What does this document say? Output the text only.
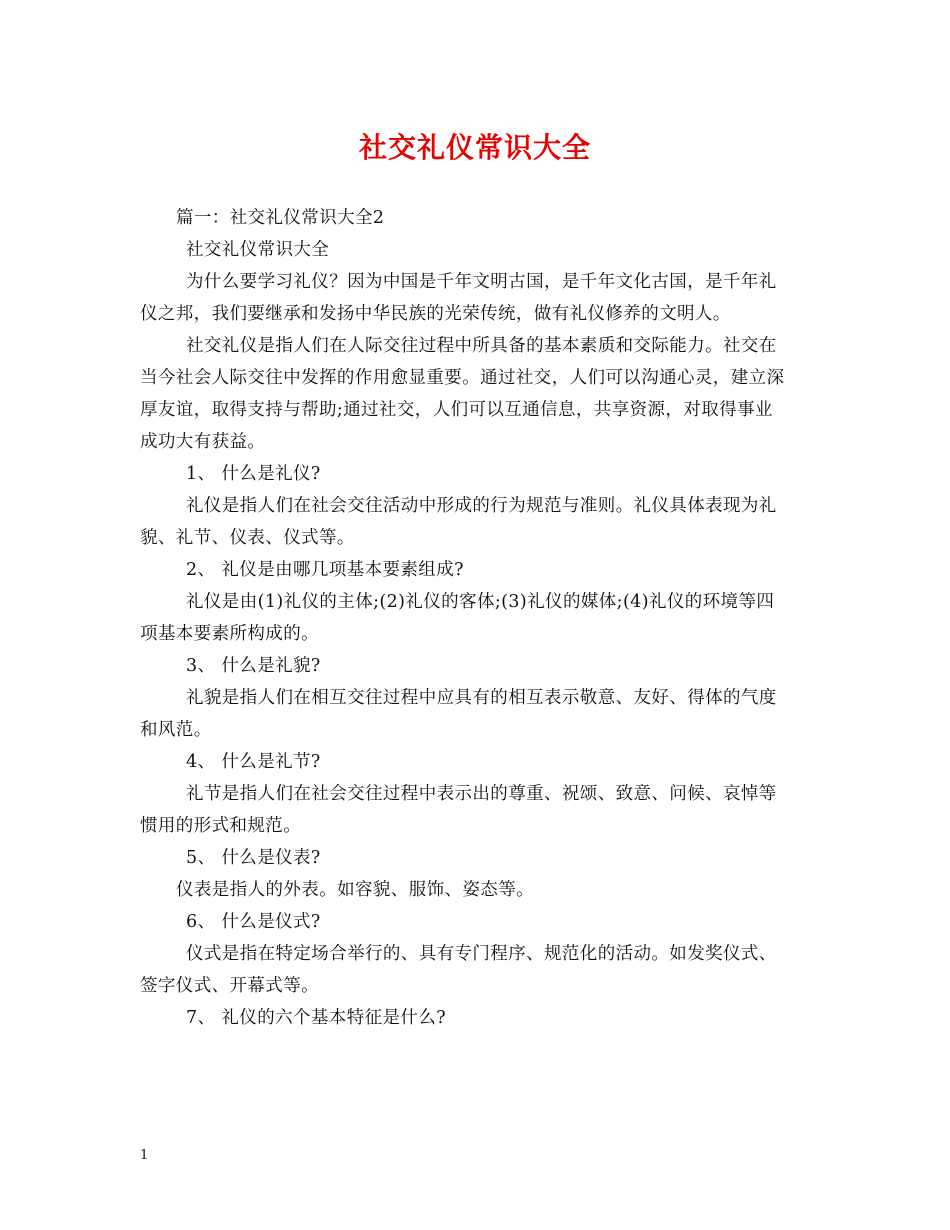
社交礼仪常识大全
篇一：社交礼仪常识大全2
社交礼仪常识大全
为什么要学习礼仪？因为中国是千年文明古国，是千年文化古国，是千年礼
仪之邦，我们要继承和发扬中华民族的光荣传统，做有礼仪修养的文明人。
社交礼仪是指人们在人际交往过程中所具备的基本素质和交际能力。社交在
当今社会人际交往中发挥的作用愈显重要。通过社交，人们可以沟通心灵，建立深
厚友谊，取得支持与帮助;通过社交，人们可以互通信息，共享资源，对取得事业
成功大有获益。
1、 什么是礼仪?
礼仪是指人们在社会交往活动中形成的行为规范与准则。礼仪具体表现为礼
貌、礼节、仪表、仪式等。
2、 礼仪是由哪几项基本要素组成?
礼仪是由(1)礼仪的主体;(2)礼仪的客体;(3)礼仪的媒体;(4)礼仪的环境等四
项基本要素所构成的。
3、 什么是礼貌?
礼貌是指人们在相互交往过程中应具有的相互表示敬意、友好、得体的气度
和风范。
4、 什么是礼节?
礼节是指人们在社会交往过程中表示出的尊重、祝颂、致意、问候、哀悼等
惯用的形式和规范。
5、 什么是仪表?
仪表是指人的外表。如容貌、服饰、姿态等。
6、 什么是仪式?
仪式是指在特定场合举行的、具有专门程序、规范化的活动。如发奖仪式、
签字仪式、开幕式等。
7、 礼仪的六个基本特征是什么?
1
